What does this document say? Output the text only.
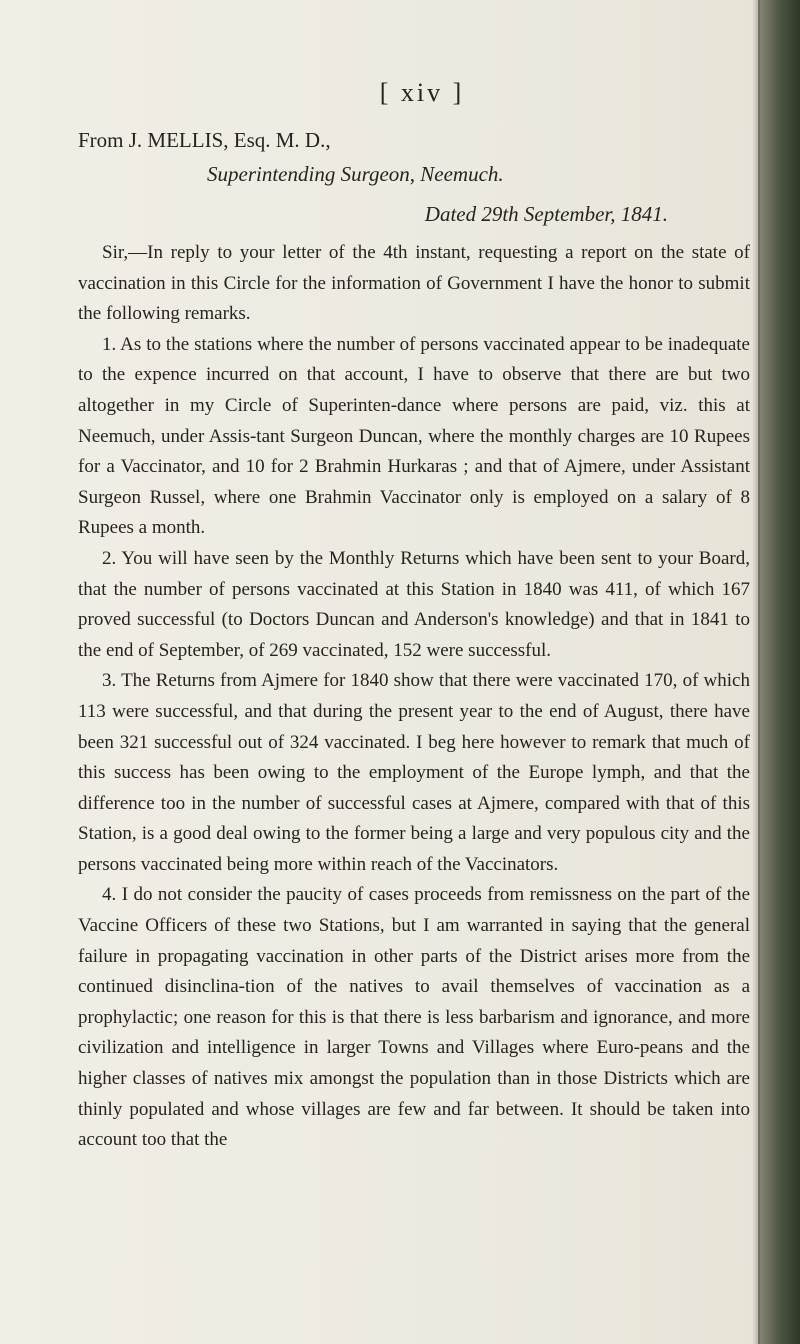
[ xiv ]
From J. MELLIS, Esq. M. D.,
Superintending Surgeon, Neemuch.
Dated 29th September, 1841.

Sir,—In reply to your letter of the 4th instant, requesting a report on the state of vaccination in this Circle for the information of Government I have the honor to submit the following remarks.

1. As to the stations where the number of persons vaccinated appear to be inadequate to the expence incurred on that account, I have to observe that there are but two altogether in my Circle of Superinten-dance where persons are paid, viz. this at Neemuch, under Assis-tant Surgeon Duncan, where the monthly charges are 10 Rupees for a Vaccinator, and 10 for 2 Brahmin Hurkaras ; and that of Ajmere, under Assistant Surgeon Russel, where one Brahmin Vaccinator only is employed on a salary of 8 Rupees a month.

2. You will have seen by the Monthly Returns which have been sent to your Board, that the number of persons vaccinated at this Station in 1840 was 411, of which 167 proved successful (to Doctors Duncan and Anderson's knowledge) and that in 1841 to the end of September, of 269 vaccinated, 152 were successful.

3. The Returns from Ajmere for 1840 show that there were vaccinated 170, of which 113 were successful, and that during the present year to the end of August, there have been 321 successful out of 324 vaccinated. I beg here however to remark that much of this success has been owing to the employment of the Europe lymph, and that the difference too in the number of successful cases at Ajmere, compared with that of this Station, is a good deal owing to the former being a large and very populous city and the persons vaccinated being more within reach of the Vaccinators.

4. I do not consider the paucity of cases proceeds from remissness on the part of the Vaccine Officers of these two Stations, but I am warranted in saying that the general failure in propagating vaccination in other parts of the District arises more from the continued disinclina-tion of the natives to avail themselves of vaccination as a prophylactic; one reason for this is that there is less barbarism and ignorance, and more civilization and intelligence in larger Towns and Villages where Euro-peans and the higher classes of natives mix amongst the population than in those Districts which are thinly populated and whose villages are few and far between. It should be taken into account too that the
